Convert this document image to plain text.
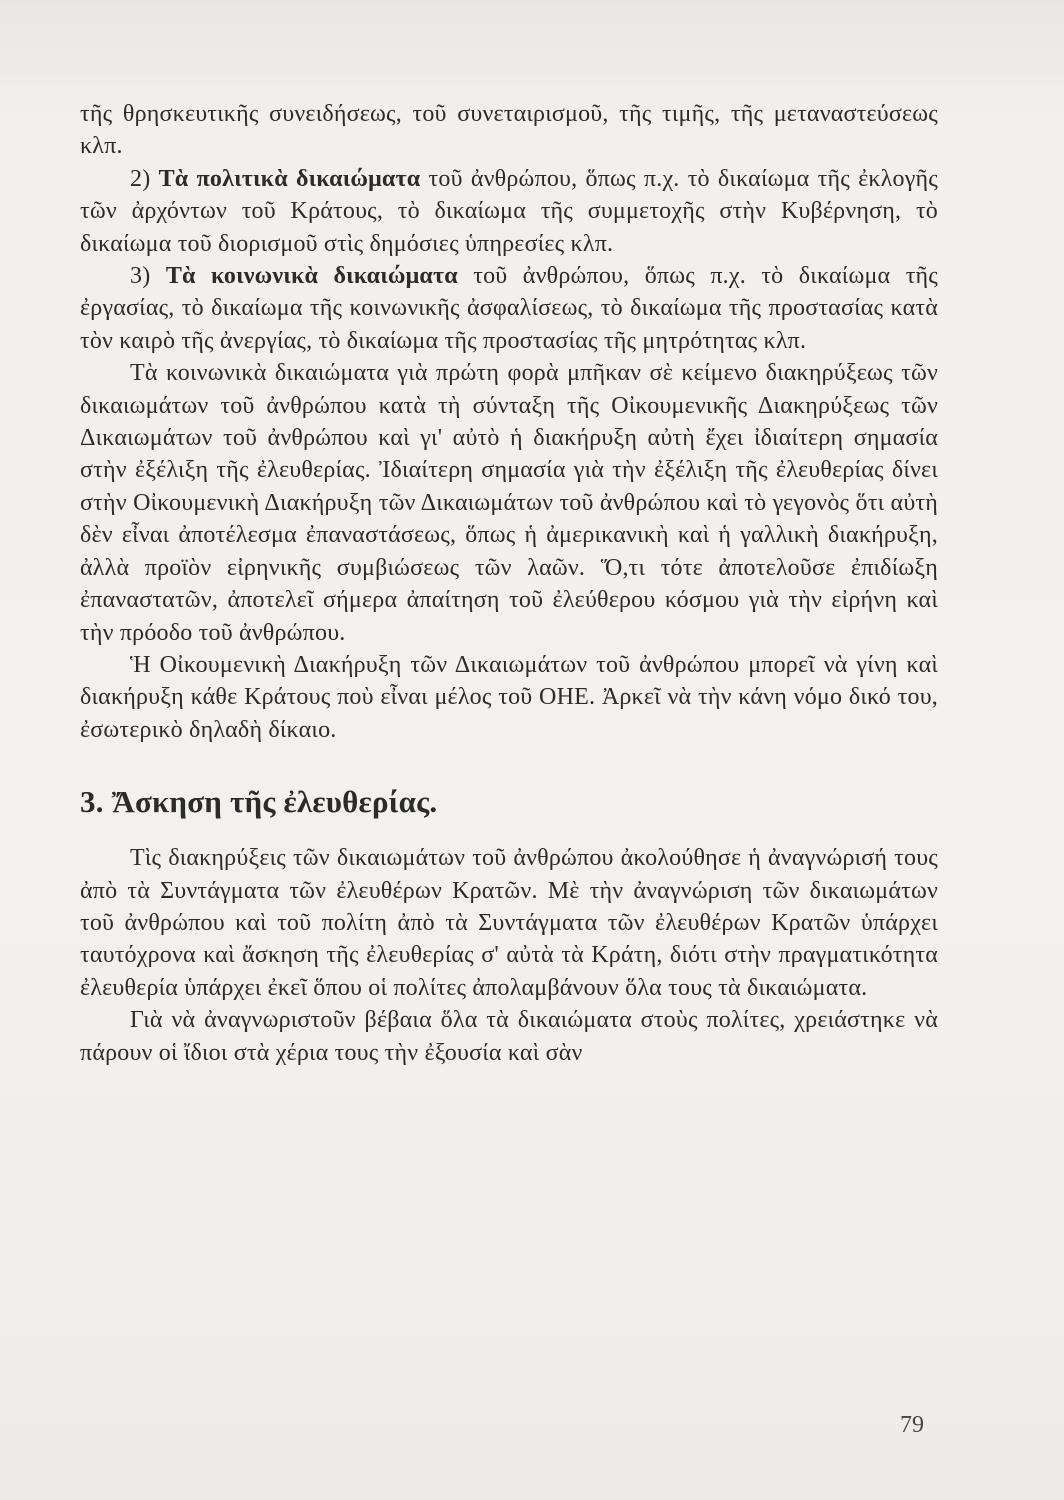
τῆς θρησκευτικῆς συνειδήσεως, τοῦ συνεταιρισμοῦ, τῆς τιμῆς, τῆς μεταναστεύσεως κλπ.

2) Τὰ πολιτικὰ δικαιώματα τοῦ ἀνθρώπου, ὅπως π.χ. τὸ δικαίωμα τῆς ἐκλογῆς τῶν ἀρχόντων τοῦ Κράτους, τὸ δικαίωμα τῆς συμμετοχῆς στὴν Κυβέρνηση, τὸ δικαίωμα τοῦ διορισμοῦ στὶς δημόσιες ὑπηρεσίες κλπ.

3) Τὰ κοινωνικὰ δικαιώματα τοῦ ἀνθρώπου, ὅπως π.χ. τὸ δικαίωμα τῆς ἐργασίας, τὸ δικαίωμα τῆς κοινωνικῆς ἀσφαλίσεως, τὸ δικαίωμα τῆς προστασίας κατὰ τὸν καιρὸ τῆς ἀνεργίας, τὸ δικαίωμα τῆς προστασίας τῆς μητρότητας κλπ.

Τὰ κοινωνικὰ δικαιώματα γιὰ πρώτη φορὰ μπῆκαν σὲ κείμενο διακηρύξεως τῶν δικαιωμάτων τοῦ ἀνθρώπου κατὰ τὴ σύνταξη τῆς Οἰκουμενικῆς Διακηρύξεως τῶν Δικαιωμάτων τοῦ ἀνθρώπου καὶ γι' αὐτὸ ἡ διακήρυξη αὐτὴ ἔχει ἰδιαίτερη σημασία στὴν ἐξέλιξη τῆς ἐλευθερίας. Ἰδιαίτερη σημασία γιὰ τὴν ἐξέλιξη τῆς ἐλευθερίας δίνει στὴν Οἰκουμενικὴ Διακήρυξη τῶν Δικαιωμάτων τοῦ ἀνθρώπου καὶ τὸ γεγονὸς ὅτι αὐτὴ δὲν εἶναι ἀποτέλεσμα ἐπαναστάσεως, ὅπως ἡ ἀμερικανικὴ καὶ ἡ γαλλικὴ διακήρυξη, ἀλλὰ προϊὸν εἰρηνικῆς συμβιώσεως τῶν λαῶν. Ὅ,τι τότε ἀποτελοῦσε ἐπιδίωξη ἐπαναστατῶν, ἀποτελεῖ σήμερα ἀπαίτηση τοῦ ἐλεύθερου κόσμου γιὰ τὴν εἰρήνη καὶ τὴν πρόοδο τοῦ ἀνθρώπου.

Ἡ Οἰκουμενικὴ Διακήρυξη τῶν Δικαιωμάτων τοῦ ἀνθρώπου μπορεῖ νὰ γίνη καὶ διακήρυξη κάθε Κράτους ποὺ εἶναι μέλος τοῦ ΟΗΕ. Ἀρκεῖ νὰ τὴν κάνη νόμο δικό του, ἐσωτερικὸ δηλαδὴ δίκαιο.

3. Ἄσκηση τῆς ἐλευθερίας.

Τὶς διακηρύξεις τῶν δικαιωμάτων τοῦ ἀνθρώπου ἀκολούθησε ἡ ἀναγνώρισή τους ἀπὸ τὰ Συντάγματα τῶν ἐλευθέρων Κρατῶν. Μὲ τὴν ἀναγνώριση τῶν δικαιωμάτων τοῦ ἀνθρώπου καὶ τοῦ πολίτη ἀπὸ τὰ Συντάγματα τῶν ἐλευθέρων Κρατῶν ὑπάρχει ταυτόχρονα καὶ ἄσκηση τῆς ἐλευθερίας σ' αὐτὰ τὰ Κράτη, διότι στὴν πραγματικότητα ἐλευθερία ὑπάρχει ἐκεῖ ὅπου οἱ πολίτες ἀπολαμβάνουν ὅλα τους τὰ δικαιώματα.

Γιὰ νὰ ἀναγνωριστοῦν βέβαια ὅλα τὰ δικαιώματα στοὺς πολίτες, χρειάστηκε νὰ πάρουν οἱ ἴδιοι στὰ χέρια τους τὴν ἐξουσία καὶ σὰν

79
